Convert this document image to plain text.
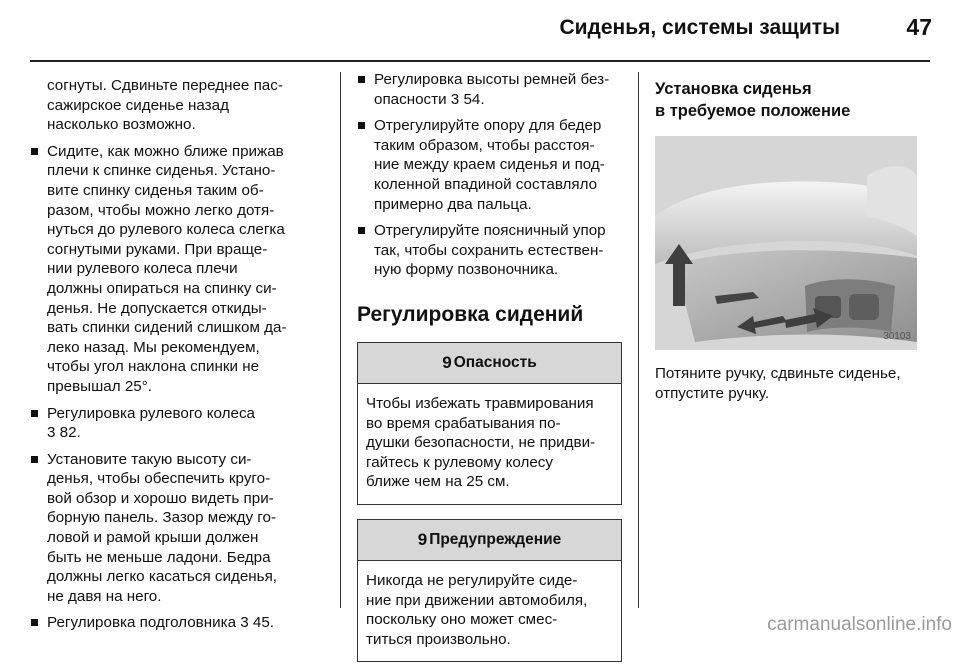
Сиденья, системы защиты	47

согнуты. Сдвиньте переднее пас-
сажирское сиденье назад
насколько возможно.

Сидите, как можно ближе прижав
плечи к спинке сиденья. Устано-
вите спинку сиденья таким об-
разом, чтобы можно легко дотя-
нуться до рулевого колеса слегка
согнутыми руками. При враще-
нии рулевого колеса плечи
должны опираться на спинку си-
денья. Не допускается откиды-
вать спинки сидений слишком да-
леко назад. Мы рекомендуем,
чтобы угол наклона спинки не
превышал 25°.
Регулировка рулевого колеса
3 82.
Установите такую высоту си-
денья, чтобы обеспечить круго-
вой обзор и хорошо видеть при-
борную панель. Зазор между го-
ловой и рамой крыши должен
быть не меньше ладони. Бедра
должны легко касаться сиденья,
не давя на него.
Регулировка подголовника 3 45.
Регулировка высоты ремней без-
опасности 3 54.
Отрегулируйте опору для бедер
таким образом, чтобы расстоя-
ние между краем сиденья и под-
коленной впадиной составляло
примерно два пальца.
Отрегулируйте поясничный упор
так, чтобы сохранить естествен-
ную форму позвоночника.
Регулировка сидений
9 Опасность
Чтобы избежать травмирования
во время срабатывания по-
душки безопасности, не придви-
гайтесь к рулевому колесу
ближе чем на 25 см.
9 Предупреждение
Никогда не регулируйте сиде-
ние при движении автомобиля,
поскольку оно может смес-
титься произвольно.
Установка сиденья
в требуемое положение
30103

Потяните ручку, сдвиньте сиденье,
отпустите ручку.

carmanualsonline.info
